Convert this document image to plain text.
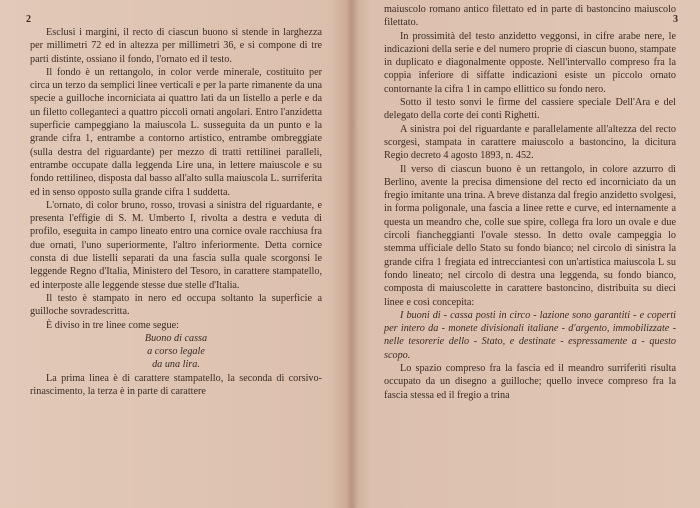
2

Esclusi i margini, il recto di ciascun buono si stende in larghezza per millimetri 72 ed in altezza per millimetri 36, e si compone di tre parti distinte, ossiano il fondo, l'ornato ed il testo.

Il fondo è un rettangolo, in color verde minerale, costituito per circa un terzo da semplici linee verticali e per la parte rimanente da una specie a guilloche incorniciata ai quattro lati da un listello a perle e da un filetto colleganteci a quattro piccoli ornati angolari. Entro l'anzidetta superficie campeggiano la maiuscola L. susseguita da un punto e la grande cifra 1, entrambe a contorno artistico, entrambe ombreggiate (sulla destra del riguardante) per mezzo di tratti rettilinei paralleli, entrambe occupate dalla leggenda Lire una, in lettere maiuscole e su fondo rettilineo, disposta dal basso all'alto sulla maiuscola L. surriferita ed in senso opposto sulla grande cifra 1 suddetta.

L'ornato, di color bruno, rosso, trovasi a sinistra del riguardante, e presenta l'effigie di S. M. Umberto I, rivolta a destra e veduta di profilo, eseguita in campo lineato entro una cornice ovale racchiusa fra due ornati, l'uno superiormente, l'altro inferiormente. Detta cornice consta di due listelli separati da una fascia sulla quale scorgonsi le leggende Regno d'Italia, Ministero del Tesoro, in carattere stampatello, ed interposte alle leggende stesse due stelle d'Italia.

Il testo è stampato in nero ed occupa soltanto la superficie a guilloche sovradescritta.

È diviso in tre linee come segue:

Buono di cassa
a corso legale
da una lira.

La prima linea è di carattere stampatello, la seconda di corsivo-rinascimento, la terza è in parte di carattere

3

maiuscolo romano antico filettato ed in parte di bastoncino maiuscolo filettato.

In prossimità del testo anzidetto veggonsi, in cifre arabe nere, le indicazioni della serie e del numero proprie di ciascun buono, stampate in duplicato e diagonalmente opposte. Nell'intervallo compreso fra la coppia inferiore di siffatte indicazioni esiste un piccolo ornato contornante la cifra 1 in campo ellittico su fondo nero.

Sotto il testo sonvi le firme del cassiere speciale Dell'Ara e del delegato della corte dei conti Righetti.

A sinistra poi del riguardante e parallelamente all'altezza del recto scorgesi, stampata in carattere maiuscolo a bastoncino, la dicitura Regio decreto 4 agosto 1893, n. 452.

Il verso di ciascun buono è un rettangolo, in colore azzurro di Berlino, avente la precisa dimensione del recto ed incorniciato da un fregio imitante una trina. A breve distanza dal fregio anzidetto svolgesi, in forma poligonale, una fascia a linee rette e curve, ed internamente a questa un meandro che, colle sue spire, collega fra loro un ovale e due circoli fiancheggianti l'ovale stesso. In detto ovale campeggia lo stemma ufficiale dello Stato su fondo bianco; nel circolo di sinistra la grande cifra 1 fregiata ed intrecciantesi con un'artistica maiuscola L su fondo lineato; nel circolo di destra una leggenda, su fondo bianco, composta di maiuscolette in carattere bastoncino, distribuita su dieci linee e così concepita:

I buoni di - cassa posti in circo - lazione sono garantiti - e coperti per intero da - monete divisionali italiane - d'argento, immobilizzate - nelle tesorerie dello - Stato, e destinate - espressamente a - questo scopo.

Lo spazio compreso fra la fascia ed il meandro surriferiti risulta occupato da un disegno a guilloche; quello invece compreso fra la fascia stessa ed il fregio a trina
